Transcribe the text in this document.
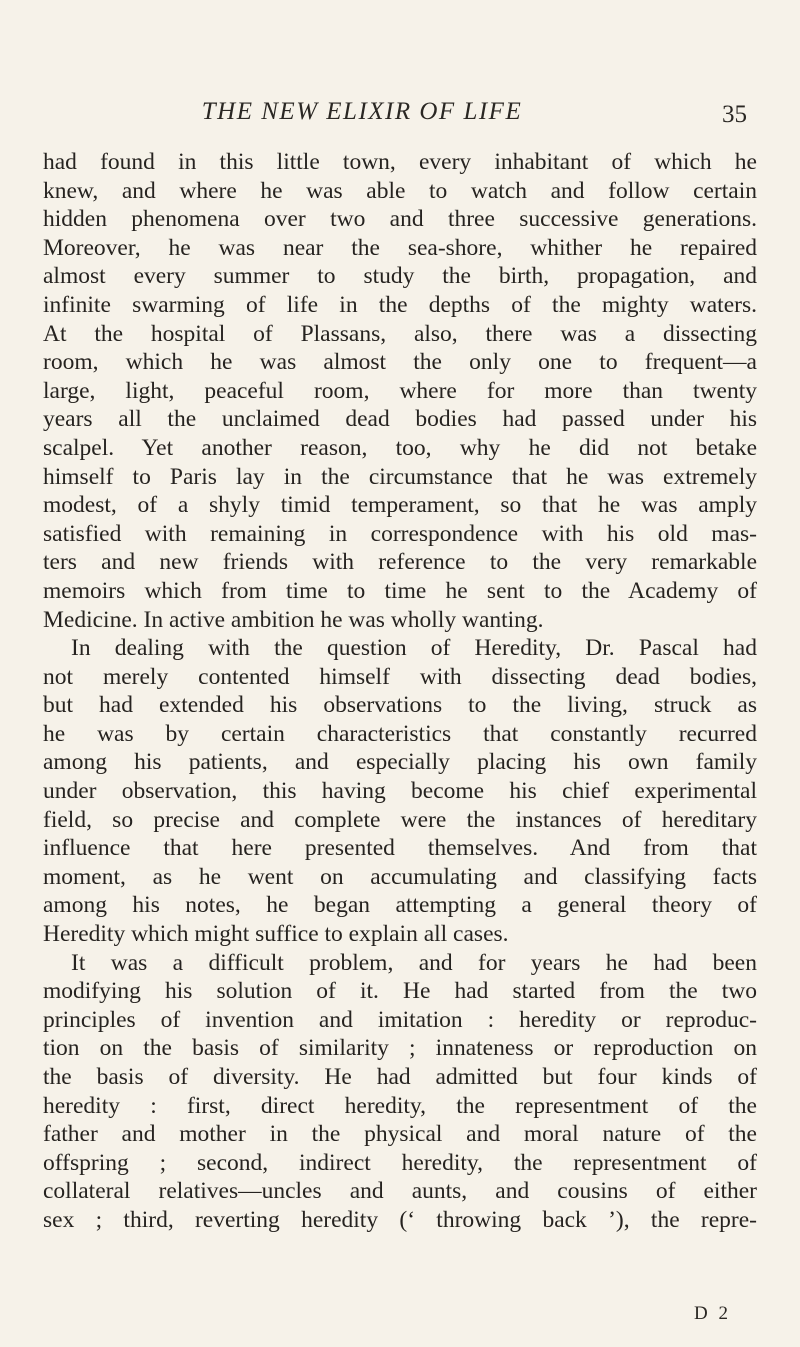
THE NEW ELIXIR OF LIFE	35
had found in this little town, every inhabitant of which he
knew, and where he was able to watch and follow certain
hidden phenomena over two and three successive generations.
Moreover, he was near the sea-shore, whither he repaired
almost every summer to study the birth, propagation, and
infinite swarming of life in the depths of the mighty waters.
At the hospital of Plassans, also, there was a dissecting
room, which he was almost the only one to frequent—a
large, light, peaceful room, where for more than twenty
years all the unclaimed dead bodies had passed under his
scalpel. Yet another reason, too, why he did not betake
himself to Paris lay in the circumstance that he was extremely
modest, of a shyly timid temperament, so that he was amply
satisfied with remaining in correspondence with his old mas-
ters and new friends with reference to the very remarkable
memoirs which from time to time he sent to the Academy of
Medicine. In active ambition he was wholly wanting.
In dealing with the question of Heredity, Dr. Pascal had
not merely contented himself with dissecting dead bodies,
but had extended his observations to the living, struck as
he was by certain characteristics that constantly recurred
among his patients, and especially placing his own family
under observation, this having become his chief experimental
field, so precise and complete were the instances of hereditary
influence that here presented themselves. And from that
moment, as he went on accumulating and classifying facts
among his notes, he began attempting a general theory of
Heredity which might suffice to explain all cases.
It was a difficult problem, and for years he had been
modifying his solution of it. He had started from the two
principles of invention and imitation : heredity or reproduc-
tion on the basis of similarity ; innateness or reproduction on
the basis of diversity. He had admitted but four kinds of
heredity : first, direct heredity, the representment of the
father and mother in the physical and moral nature of the
offspring ; second, indirect heredity, the representment of
collateral relatives—uncles and aunts, and cousins of either
sex ; third, reverting heredity (‘ throwing back ’), the repre-
D 2
